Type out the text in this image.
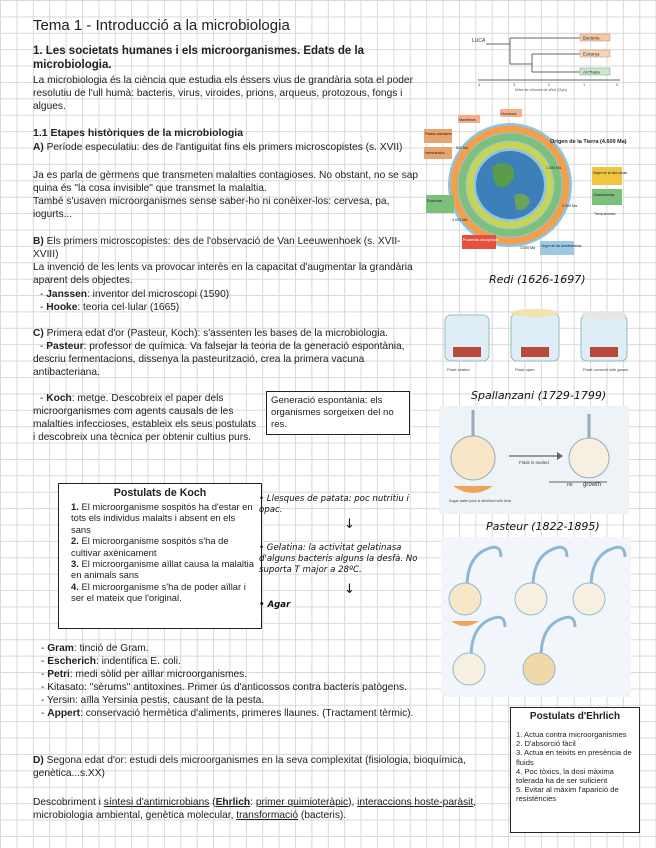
Tema 1 - Introducció a la microbiologia
1. Les societats humanes i els microorganismes. Edats de la microbiologia.
La microbiologia és la ciència que estudia els éssers vius de grandària sota el poder resolutiu de l'ull humà: bacteris, virus, viroides, prions, arqueus, protozous, fongs i algues.
1.1 Etapes històriques de la microbiologia
A) Període especulatiu: des de l'antiguitat fins els primers microscopistes (s. XVII)
Ja es parla de gèrmens que transmeten malalties contagioses. No obstant, no se sap quina és "la cosa invisible" que transmet la malaltia.
També s'usaven microorganismes sense saber-ho ni conèixer-los: cervesa, pa, iogurts...
B) Els primers microscopistes: des de l'observació de Van Leeuwenhoek (s. XVII-XVIII)
La invenció de les lents va provocar interès en la capacitat d'augmentar la grandària aparent dels objectes.
- Janssen: inventor del microscopi (1590)
- Hooke: teoria cel·lular (1665)
C) Primera edat d'or (Pasteur, Koch): s'assenten les bases de la microbiologia.
- Pasteur: professor de química. Va falsejar la teoria de la generació espontània, descriu fermentacions, dissenya la pasteurització, crea la primera vacuna antibacteriana.
- Koch: metge. Descobreix el paper dels microorganismes com agents causals de les malalties infeccioses, estableix els seus postulats i descobreix una tècnica per obtenir cultius purs.
Generació espontània: els organismes sorgeixen del no res.
Postulats de Koch
1. El microorganisme sospitós ha d'estar en tots els individus malalts i absent en els sans
2. El microorganisme sospitós s'ha de cultivar axènicament
3. El microorganisme aïllat causa la malaltia en animals sans
4. El microorganisme s'ha de poder aïllar i ser el mateix que l'original.
• Llesques de patata: poc nutritiu i opac.
↓
• Gelatina: la activitat gelatinasa d'alguns bacteris alguns la desfà. No suporta T major a 28ºC.
↓
• Agar
- Gram: tinció de Gram.
- Escherich: indentifica E. coli.
- Petri: medi sòlid per aïllar microorganismes.
- Kitasato: "sèrums" antitoxines. Primer ús d'anticossos contra bacteris patògens.
- Yersin: aïlla Yersinia pestis, causant de la pesta.
- Appert: conservació hermètica d'aliments, primeres llaunes. (Tractament tèrmic).
D) Segona edat d'or: estudi dels microorganismes en la seva complexitat (fisiologia, bioquímica, genètica...s.XX)
Descobriment i síntesi d'antimicrobians (Ehrlich: primer quimioteràpic), interaccions hoste-paràsit, microbiologia ambiental, genètica molecular, transformació (bacteris).
Postulats d'Ehrlich
1. Actua contra microorganismes
2. D'absorció fàcil
3. Actua en teixits en presència de fluids
4. Poc tòxics, la dosi màxima tolerada ha de ser suficient
5. Evitar al màxim l'aparició de resistències
LUCA	Bacteria
Eukarya
Archaea
4	3	2	1	0
Miles de millones de años (Gyrs)
Origen de la Tierra (4.600 Ma)
Mamíferos
Humanos
Plantas vasculares
Invertebrados
Origen de la vida celular
Eucariotas
Cianobacterias
Tierra anóxica
Origen de las cianobacterias
Procariotas anoxigénicas
500 Ma
1.000 Ma
2.000 Ma
3.000 Ma
4.000 Ma
Redi (1626-1697)
Flask sealed	Flask open	Flask covered with gauze
Spallanzani (1729-1799)
Flask is sealed
no growth
Sugar water juice is sterilized with heat
Pasteur (1822-1895)
